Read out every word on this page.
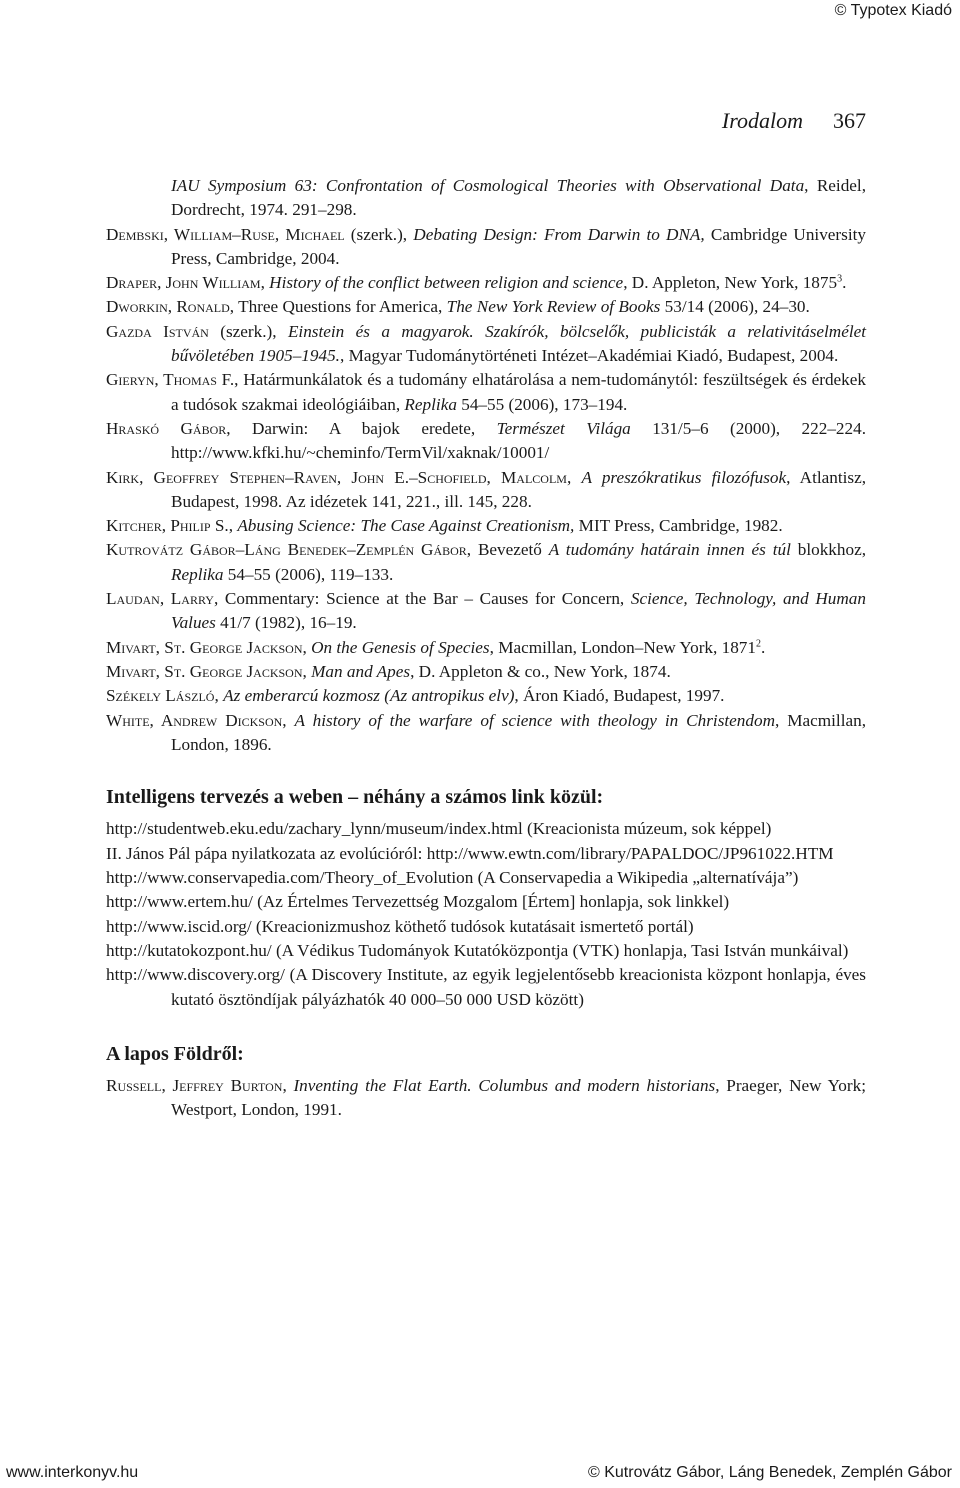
© Typotex Kiadó
Irodalom 367

IAU Symposium 63: Confrontation of Cosmological Theories with Observational Data, Reidel, Dordrecht, 1974. 291–298.

Dembski, William–Ruse, Michael (szerk.), Debating Design: From Darwin to DNA, Cambridge University Press, Cambridge, 2004.

Draper, John William, History of the conflict between religion and science, D. Appleton, New York, 1875$^3$.

Dworkin, Ronald, Three Questions for America, The New York Review of Books 53/14 (2006), 24–30.

Gazda István (szerk.), Einstein és a magyarok. Szakírók, bölcselők, publicisták a relativitáselmélet bűvöletében 1905–1945., Magyar Tudománytörténeti Intézet–Akadémiai Kiadó, Budapest, 2004.

Gieryn, Thomas F., Határmunkálatok és a tudomány elhatárolása a nem-tudománytól: feszültségek és érdekek a tudósok szakmai ideológiáiban, Replika 54–55 (2006), 173–194.

Hraskó Gábor, Darwin: A bajok eredete, Természet Világa 131/5–6 (2000), 222–224. http://www.kfki.hu/~cheminfo/TermVil/xaknak/10001/

Kirk, Geoffrey Stephen–Raven, John E.–Schofield, Malcolm, A preszókratikus filozófusok, Atlantisz, Budapest, 1998. Az idézetek 141, 221., ill. 145, 228.

Kitcher, Philip S., Abusing Science: The Case Against Creationism, MIT Press, Cambridge, 1982.

Kutrovátz Gábor–Láng Benedek–Zemplén Gábor, Bevezető A tudomány határain innen és túl blokkhoz, Replika 54–55 (2006), 119–133.

Laudan, Larry, Commentary: Science at the Bar – Causes for Concern, Science, Technology, and Human Values 41/7 (1982), 16–19.

Mivart, St. George Jackson, On the Genesis of Species, Macmillan, London–New York, 1871$^2$.

Mivart, St. George Jackson, Man and Apes, D. Appleton & co., New York, 1874.

Székely László, Az emberarcú kozmosz (Az antropikus elv), Áron Kiadó, Budapest, 1997.

White, Andrew Dickson, A history of the warfare of science with theology in Christendom, Macmillan, London, 1896.

Intelligens tervezés a weben – néhány a számos link közül:

http://studentweb.eku.edu/zachary_lynn/museum/index.html (Kreacionista múzeum, sok képpel)

II. János Pál pápa nyilatkozata az evolúcióról: http://www.ewtn.com/library/PAPALDOC/JP961022.HTM

http://www.conservapedia.com/Theory_of_Evolution (A Conservapedia a Wikipedia „alternatívája”)

http://www.ertem.hu/ (Az Értelmes Tervezettség Mozgalom [Értem] honlapja, sok linkkel)

http://www.iscid.org/ (Kreacionizmushoz köthető tudósok kutatásait ismertető portál)

http://kutatokozpont.hu/ (A Védikus Tudományok Kutatóközpontja (VTK) honlapja, Tasi István munkáival)

http://www.discovery.org/ (A Discovery Institute, az egyik legjelentősebb kreacionista központ honlapja, éves kutató ösztöndíjak pályázhatók 40 000–50 000 USD között)

A lapos Földről:

Russell, Jeffrey Burton, Inventing the Flat Earth. Columbus and modern historians, Praeger, New York; Westport, London, 1991.

www.interkonyv.hu	© Kutrovátz Gábor, Láng Benedek, Zemplén Gábor
